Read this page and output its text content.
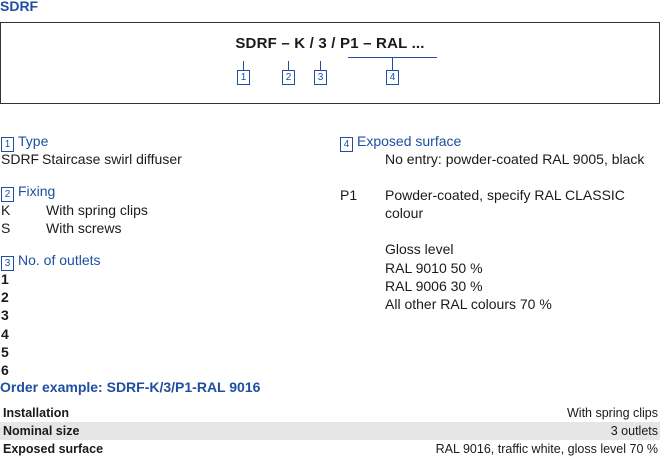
SDRF
SDRF – K / 3 / P1 – RAL ...
1	2	3	4
1 Type
SDRF Staircase swirl diffuser
2 Fixing
K	With spring clips
S	With screws
3 No. of outlets
1
2
3
4
5
6
4 Exposed surface
No entry: powder-coated RAL 9005, black
P1 Powder-coated, specify RAL CLASSIC
colour
Gloss level
RAL 9010 50 %
RAL 9006 30 %
All other RAL colours 70 %
Order example: SDRF-K/3/P1-RAL 9016
Installation	With spring clips
Nominal size	3 outlets
Exposed surface	RAL 9016, traffic white, gloss level 70 %
